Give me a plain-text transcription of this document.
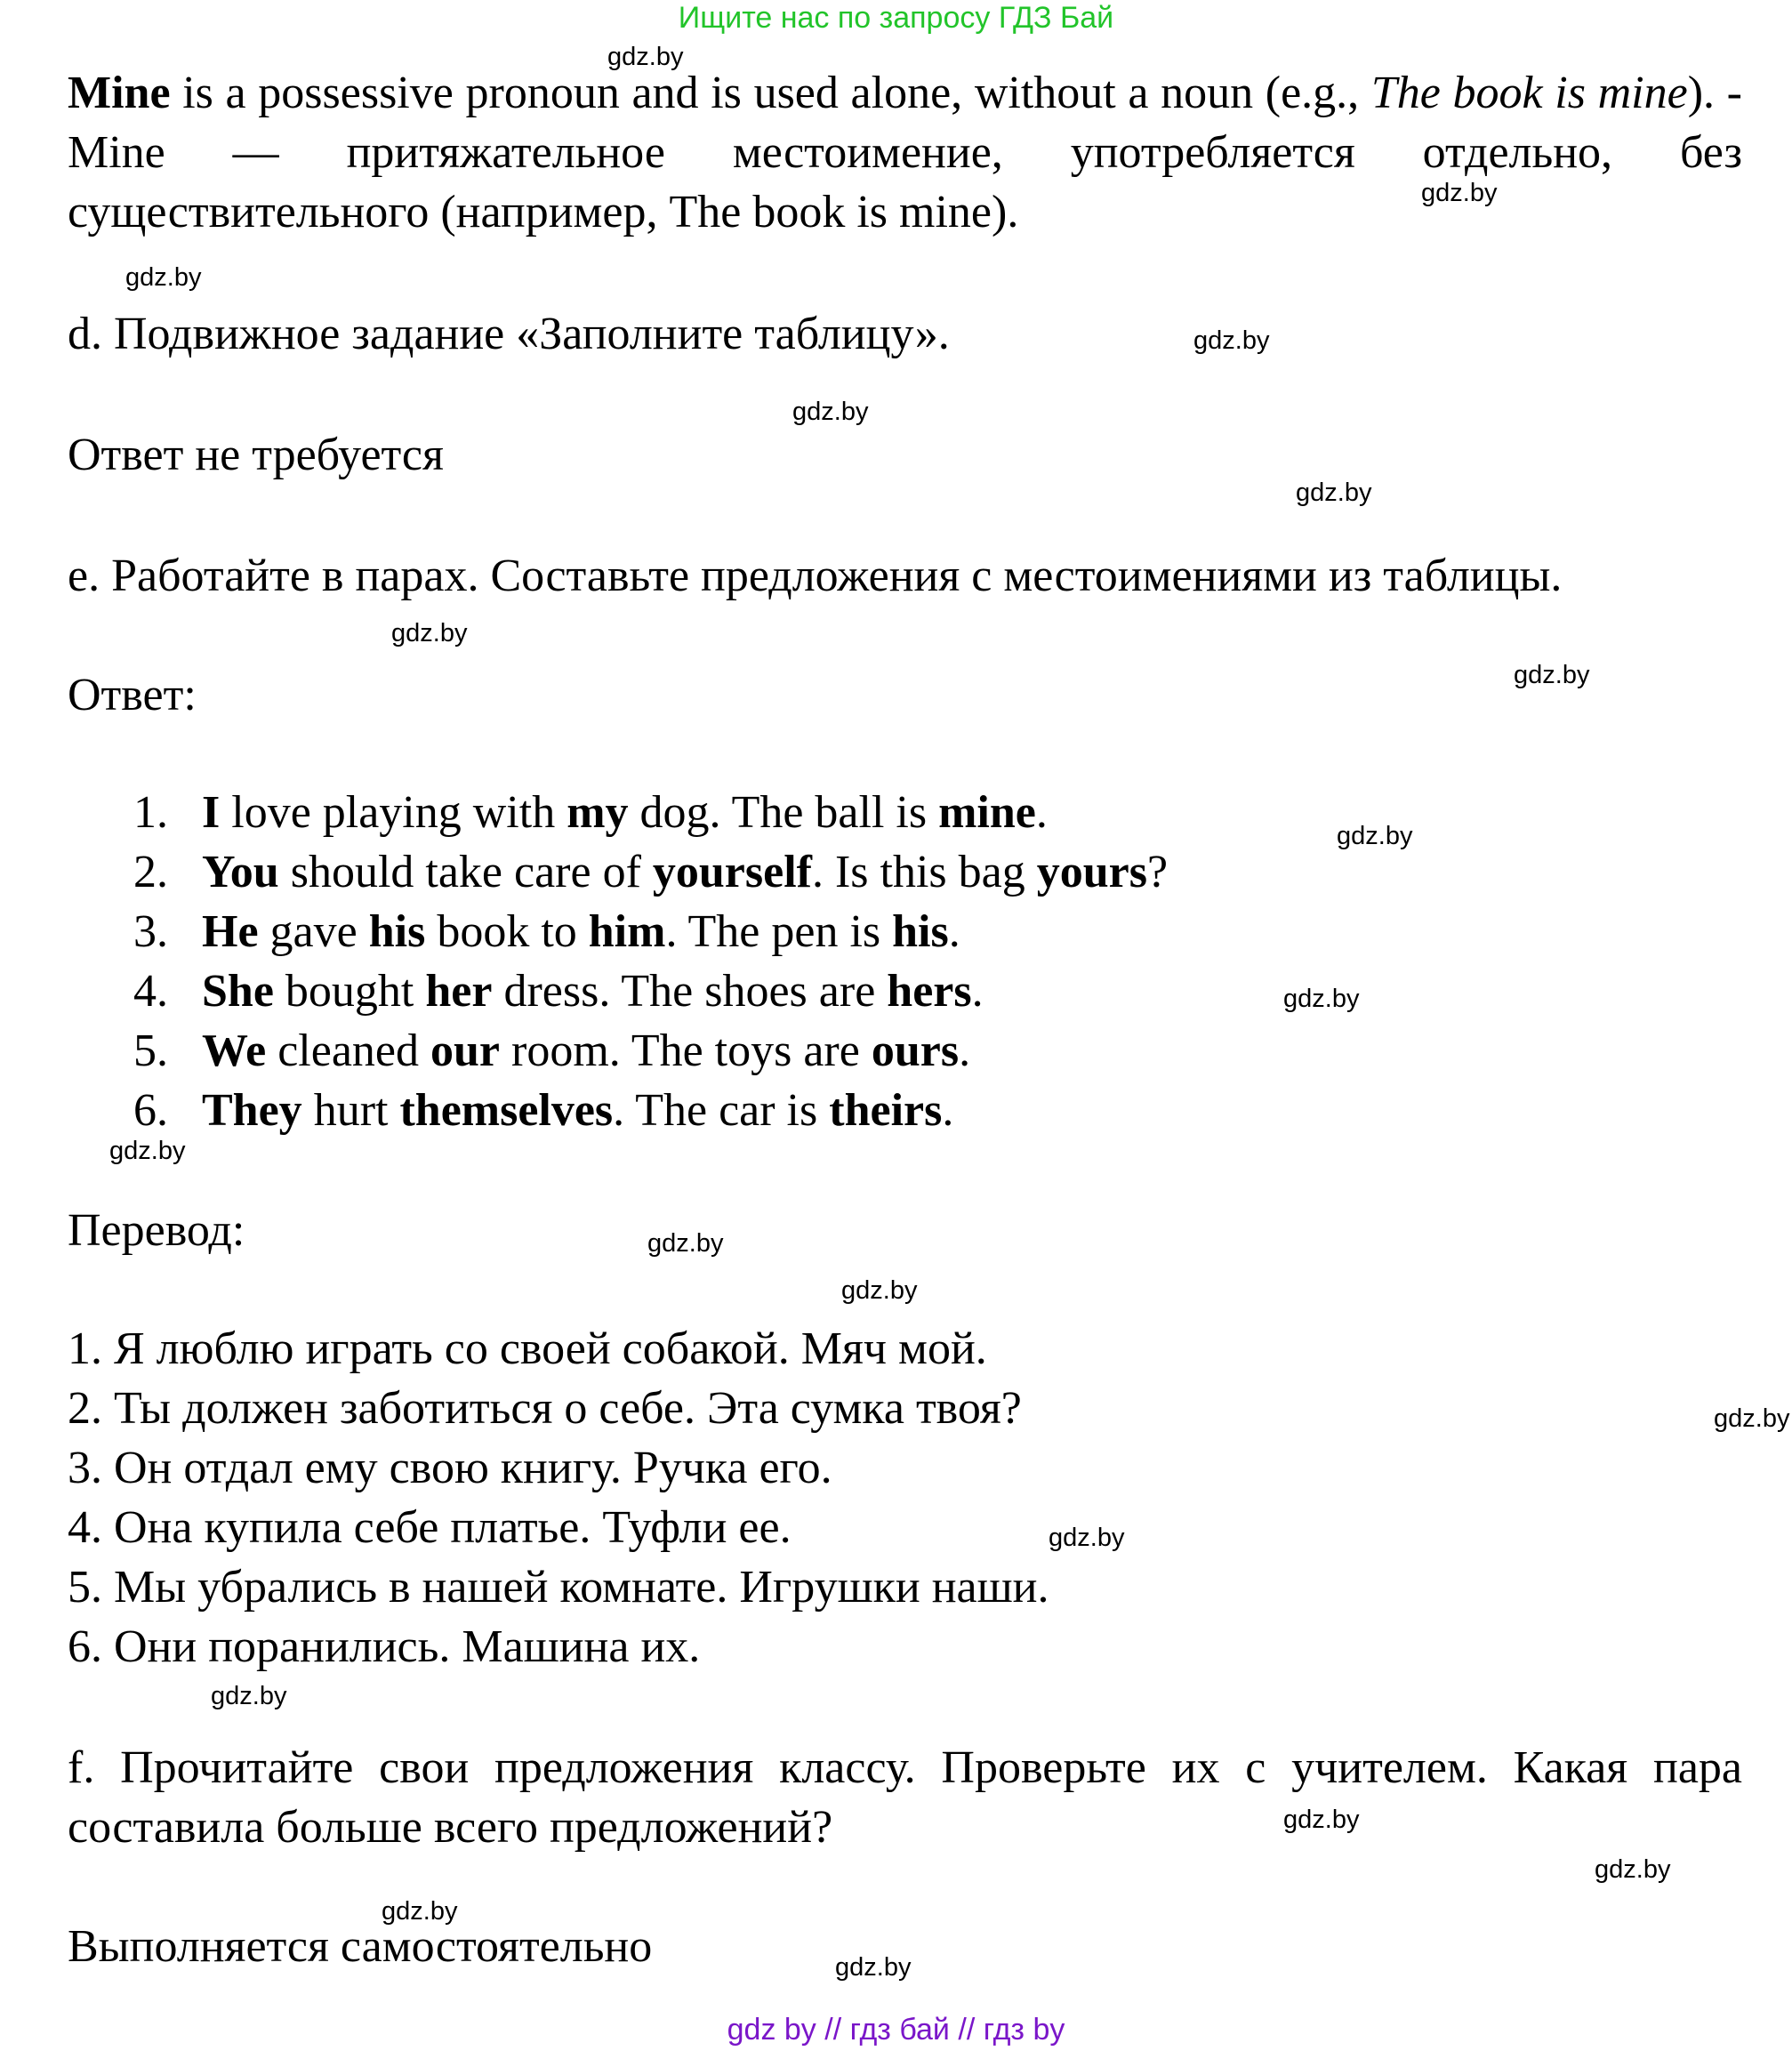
Ищите нас по запросу ГДЗ Бай
gdz.by
gdz.by
gdz.by
gdz.by
gdz.by
gdz.by
gdz.by
gdz.by
gdz.by
gdz.by
gdz.by
gdz.by
gdz.by
gdz.by
gdz.by
gdz.by
gdz.by
gdz.by
gdz.by
gdz.by

Mine is a possessive pronoun and is used alone, without a noun (e.g., The book is mine). - Mine — притяжательное местоимение, употребляется отдельно, без существительного (например, The book is mine).

d. Подвижное задание «Заполните таблицу».

Ответ не требуется

e. Работайте в парах. Составьте предложения с местоимениями из таблицы.

Ответ:

1. I love playing with my dog. The ball is mine.
2. You should take care of yourself. Is this bag yours?
3. He gave his book to him. The pen is his.
4. She bought her dress. The shoes are hers.
5. We cleaned our room. The toys are ours.
6. They hurt themselves. The car is theirs.

Перевод:

1. Я люблю играть со своей собакой. Мяч мой.
2. Ты должен заботиться о себе. Эта сумка твоя?
3. Он отдал ему свою книгу. Ручка его.
4. Она купила себе платье. Туфли ее.
5. Мы убрались в нашей комнате. Игрушки наши.
6. Они поранились. Машина их.

f. Прочитайте свои предложения классу. Проверьте их с учителем. Какая пара составила больше всего предложений?

Выполняется самостоятельно

gdz by // гдз бай // гдз by
